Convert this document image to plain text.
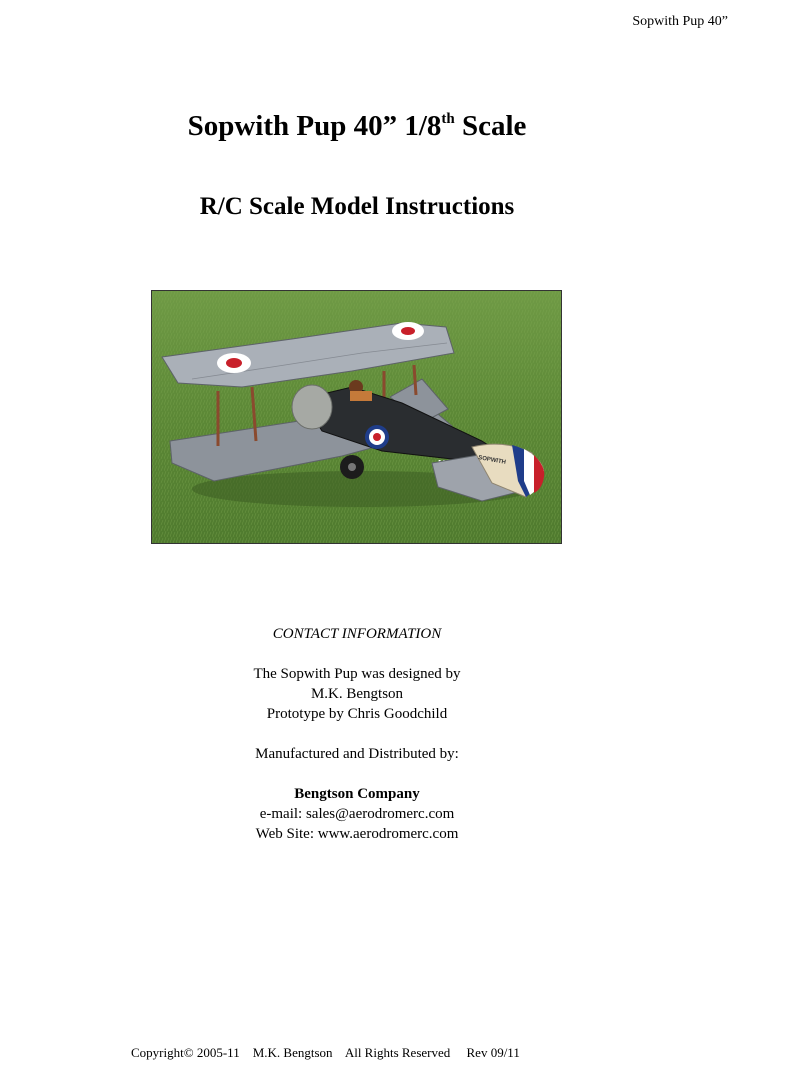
Sopwith Pup 40”
Sopwith Pup 40” 1/8th Scale
R/C Scale Model Instructions
SOPWITH
CONTACT INFORMATION
The Sopwith Pup was designed by
M.K. Bengtson
Prototype by Chris Goodchild
Manufactured and Distributed by:
Bengtson Company
e-mail: sales@aerodromerc.com
Web Site: www.aerodromerc.com
Copyright© 2005-11 M.K. Bengtson All Rights Reserved Rev 09/11
